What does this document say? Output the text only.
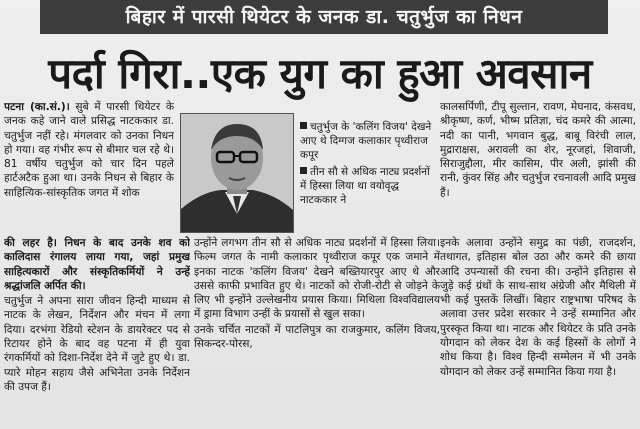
बिहार में पारसी थियेटर के जनक डा. चतुर्भुज का निधन
पर्दा गिरा..एक युग का हुआ अवसान

पटना (का.सं.)। सुबे में पारसी थियेटर के जनक कहे जाने वाले प्रसिद्ध नाटककार डा. चतुर्भुज नहीं रहे। मंगलवार को उनका निधन हो गया। वह गंभीर रूप से बीमार चल रहे थे। 81 वर्षीय चतुर्भुज को चार दिन पहले हार्टअटैक हुआ था। उनके निधन से बिहार के साहित्यिक-सांस्कृतिक जगत में शोक

चतुर्भुज के 'कलिंग विजय' देखने आए थे दिग्गज कलाकार पृथ्वीराज कपूर

तीन सौ से अधिक नाट्य प्रदर्शनों में हिस्सा लिया था वयोवृद्ध नाटककार ने

कालसर्पिणी, टीपू सुल्तान, रावण, मेघनाद, कंसवध, श्रीकृष्ण, कर्ण, भीष्म प्रतिज्ञा, चंद कमरे की आत्मा, नदी का पानी, भगवान बुद्ध, बाबू विरंची लाल, मुद्राराक्षस, अरावली का शेर, नूरजहां, शिवाजी, सिराजुद्दौला, मीर कासिम, पीर अली, झांसी की रानी, कुंवर सिंह और चतुर्भुज रचनावली आदि प्रमुख हैं।

की लहर है। निधन के बाद उनके शव को कालिदास रंगालय लाया गया, जहां प्रमुख साहित्यकारों और संस्कृतिकर्मियों ने उन्हें श्रद्धांजलि अर्पित की।

चतुर्भुज ने अपना सारा जीवन हिन्दी माध्यम से नाटक के लेखन, निर्देशन और मंचन में लगा दिया। दरभंगा रेडियो स्टेशन के डायरेक्टर पद से रिटायर होने के बाद वह पटना में ही युवा रंगकर्मियों को दिशा-निर्देश देने में जुटे हुए थे। डा. प्यारे मोहन सहाय जैसे अभिनेता उनके निर्देशन की उपज हैं।

उन्होंने लगभग तीन सौ से अधिक नाट्य प्रदर्शनों में हिस्सा लिया। फिल्म जगत के नामी कलाकार पृथ्वीराज कपूर एक जमाने में इनका नाटक 'कलिंग विजय' देखने बख्तियारपुर आए थे और उससे काफी प्रभावित हुए थे। नाटकों को रोजी-रोटी से जोड़ने के लिए भी इन्होंने उल्लेखनीय प्रयास किया। मिथिला विश्वविद्यालय में ड्रामा विभाग उन्हीं के प्रयासों से खुल सका।

उनके चर्चित नाटकों में पाटलिपुत्र का राजकुमार, कलिंग विजय, सिकन्दर-पोरस,

इनके अलावा उन्होंने समुद्र का पंछी, राजदर्शन, तथागत, इतिहास बोल उठा और कमरे की छाया आदि उपन्यासों की रचना की। उन्होंने इतिहास से जुड़े कई ग्रंथों के साथ-साथ अंग्रेजी और मैथिली में भी कई पुस्तकें लिखीं। बिहार राष्ट्रभाषा परिषद के अलावा उत्तर प्रदेश सरकार ने उन्हें सम्मानित और पुरस्कृत किया था। नाटक और थियेटर के प्रति उनके योगदान को लेकर देश के कई हिस्सों के लोगों ने शोध किया है। विश्व हिन्दी सम्मेलन में भी उनके योगदान को लेकर उन्हें सम्मानित किया गया है।
